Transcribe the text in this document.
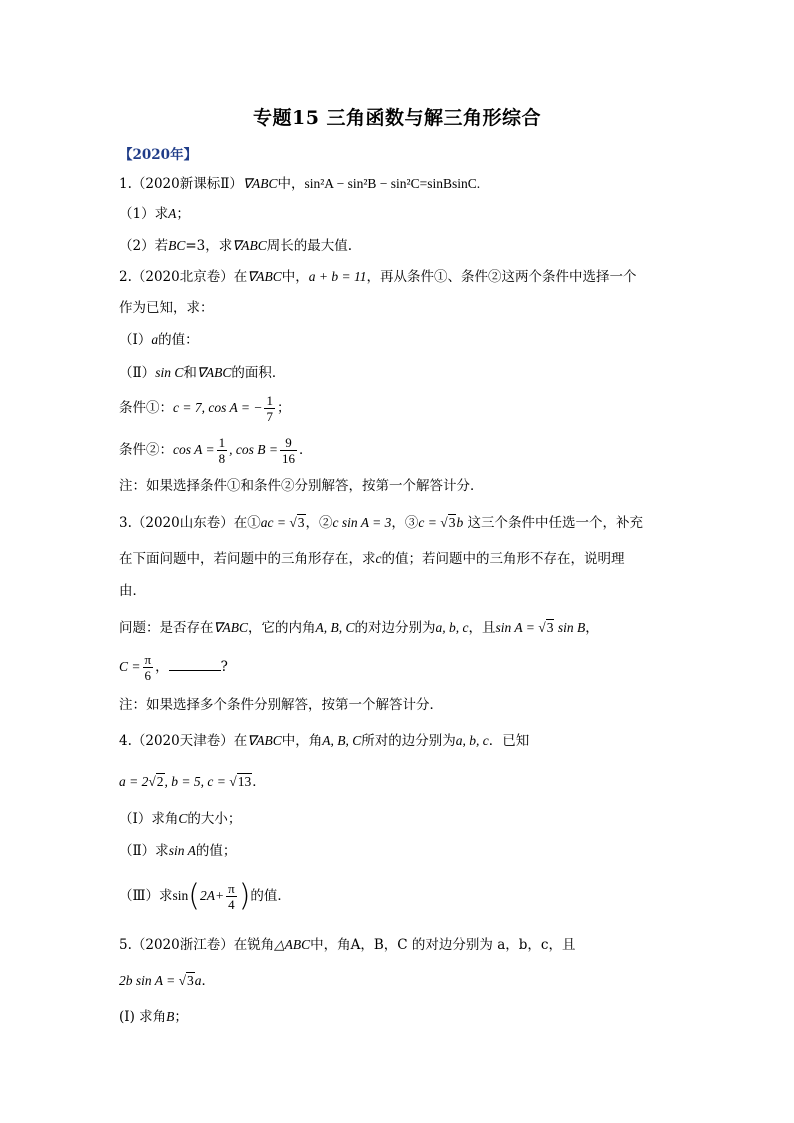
专题15 三角函数与解三角形综合
【2020年】
1.（2020新课标Ⅱ）∇ABC中，sin²A − sin²B − sin²C=sinBsinC.
（1）求A；
（2）若BC=3，求∇ABC周长的最大值.
2.（2020北京卷）在∇ABC中，a + b = 11，再从条件①、条件②这两个条件中选择一个
作为已知，求：
（Ⅰ）a的值：
（Ⅱ）sin C和∇ABC的面积．
条件①：c = 7, cos A = − $\frac{1}{7}$ ；
条件②：$\cos A = \frac{1}{8}$ , $\cos B = \frac{9}{16}$ ．
注：如果选择条件①和条件②分别解答，按第一个解答计分．
3.（2020山东卷）在①ac = √3，②c sin A = 3，③c = √3b 这三个条件中任选一个，补充
在下面问题中，若问题中的三角形存在，求c的值；若问题中的三角形不存在，说明理
由．
问题：是否存在∇ABC，它的内角A, B, C的对边分别为a, b, c，且sin A = √3 sin B，
$C = \frac{\pi}{6}$ ，	?
注：如果选择多个条件分别解答，按第一个解答计分．
4.（2020天津卷）在∇ABC中，角A, B, C所对的边分别为a, b, c．已知
a = 2√2, b = 5, c = √13．
（Ⅰ）求角C的大小；
（Ⅱ）求sin A的值；
（Ⅲ）求$\sin(2A+ \frac{\pi}{4}$ )的值．
5.（2020浙江卷）在锐角△ABC中，角A，B，C 的对边分别为 a，b，c，且
2b sin A = √3a．
(I) 求角B；
